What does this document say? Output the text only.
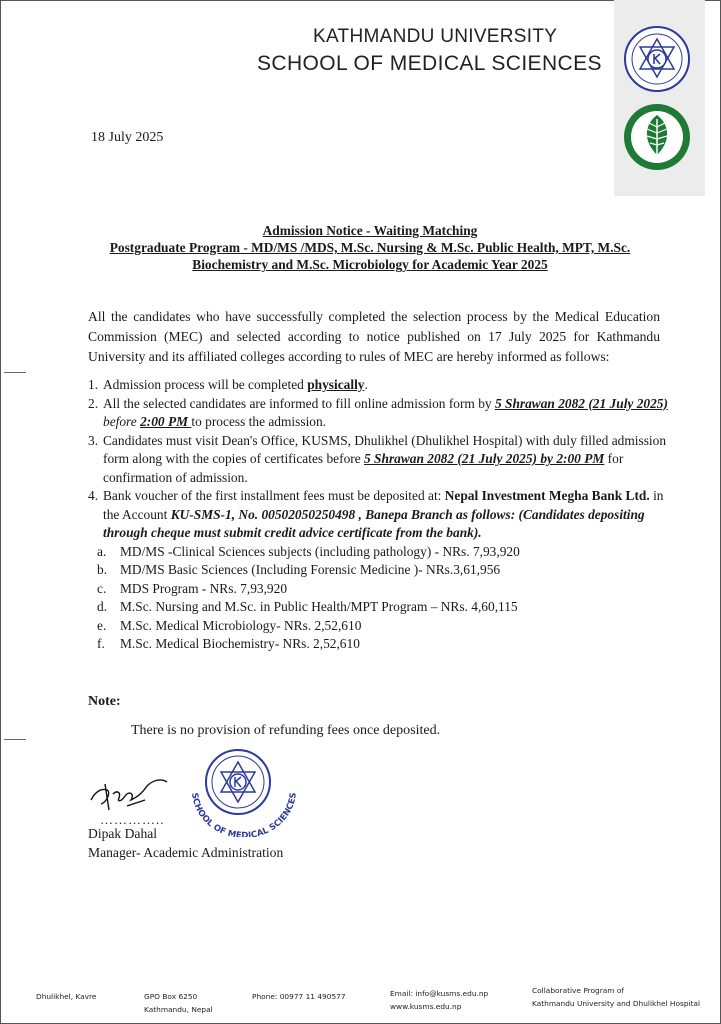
KATHMANDU UNIVERSITY
SCHOOL OF MEDICAL SCIENCES
18 July 2025
Admission Notice - Waiting Matching
Postgraduate Program - MD/MS /MDS, M.Sc. Nursing & M.Sc. Public Health, MPT, M.Sc.
Biochemistry and M.Sc. Microbiology for Academic Year 2025
All the candidates who have successfully completed the selection process by the Medical Education Commission (MEC) and selected according to notice published on 17 July 2025 for Kathmandu University and its affiliated colleges according to rules of MEC are hereby informed as follows:
1. Admission process will be completed physically.
2. All the selected candidates are informed to fill online admission form by 5 Shrawan 2082 (21 July 2025) before 2:00 PM to process the admission.
3. Candidates must visit Dean's Office, KUSMS, Dhulikhel (Dhulikhel Hospital) with duly filled admission form along with the copies of certificates before 5 Shrawan 2082 (21 July 2025) by 2:00 PM for confirmation of admission.
4. Bank voucher of the first installment fees must be deposited at: Nepal Investment Megha Bank Ltd. in the Account KU-SMS-1, No. 00502050250498 , Banepa Branch as follows: (Candidates depositing through cheque must submit credit advice certificate from the bank).
a. MD/MS -Clinical Sciences subjects (including pathology) - NRs. 7,93,920
b. MD/MS Basic Sciences (Including Forensic Medicine )- NRs.3,61,956
c. MDS Program - NRs. 7,93,920
d. M.Sc. Nursing and M.Sc. in Public Health/MPT Program – NRs. 4,60,115
e. M.Sc. Medical Microbiology- NRs. 2,52,610
f. M.Sc. Medical Biochemistry- NRs. 2,52,610
Note:
There is no provision of refunding fees once deposited.
…………..
Dipak Dahal
Manager- Academic Administration
SCHOOL OF MEDICAL SCIENCES
Dhulikhel, Kavre	GPO Box 6250
Kathmandu, Nepal
Phone: 00977 11 490577	Email: info@kusms.edu.np
www.kusms.edu.np
Collaborative Program of
Kathmandu University and Dhulikhel Hospital
